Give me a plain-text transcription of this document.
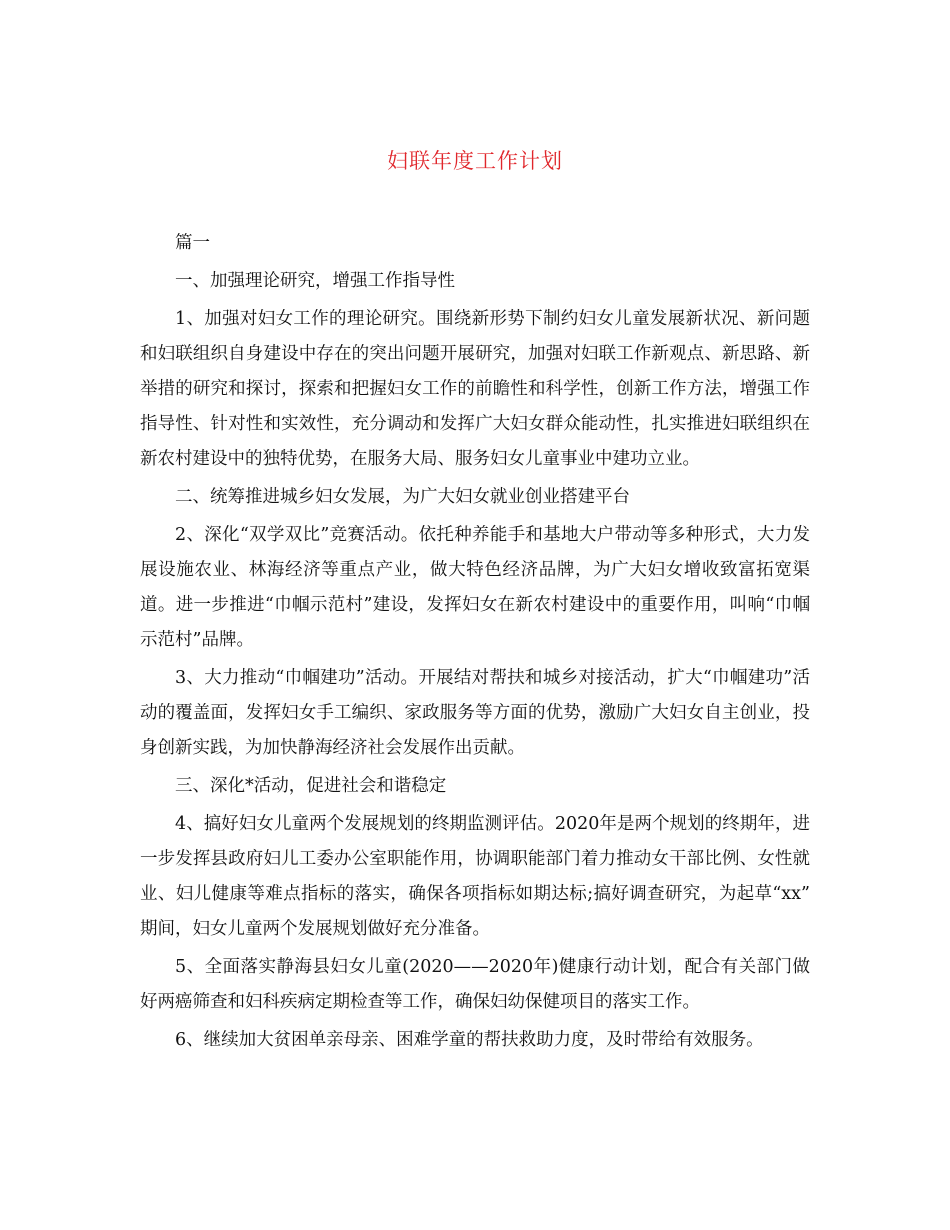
妇联年度工作计划

篇一

一、加强理论研究，增强工作指导性

1、加强对妇女工作的理论研究。围绕新形势下制约妇女儿童发展新状况、新问题和妇联组织自身建设中存在的突出问题开展研究，加强对妇联工作新观点、新思路、新举措的研究和探讨，探索和把握妇女工作的前瞻性和科学性，创新工作方法，增强工作指导性、针对性和实效性，充分调动和发挥广大妇女群众能动性，扎实推进妇联组织在新农村建设中的独特优势，在服务大局、服务妇女儿童事业中建功立业。

二、统筹推进城乡妇女发展，为广大妇女就业创业搭建平台

2、深化“双学双比”竞赛活动。依托种养能手和基地大户带动等多种形式，大力发展设施农业、林海经济等重点产业，做大特色经济品牌，为广大妇女增收致富拓宽渠道。进一步推进“巾帼示范村”建设，发挥妇女在新农村建设中的重要作用，叫响“巾帼示范村”品牌。

3、大力推动“巾帼建功”活动。开展结对帮扶和城乡对接活动，扩大“巾帼建功”活动的覆盖面，发挥妇女手工编织、家政服务等方面的优势，激励广大妇女自主创业，投身创新实践，为加快静海经济社会发展作出贡献。

三、深化*活动，促进社会和谐稳定

4、搞好妇女儿童两个发展规划的终期监测评估。2020年是两个规划的终期年，进一步发挥县政府妇儿工委办公室职能作用，协调职能部门着力推动女干部比例、女性就业、妇儿健康等难点指标的落实，确保各项指标如期达标;搞好调查研究，为起草“xx” 期间，妇女儿童两个发展规划做好充分准备。

5、全面落实静海县妇女儿童(2020——2020年)健康行动计划，配合有关部门做好两癌筛查和妇科疾病定期检查等工作，确保妇幼保健项目的落实工作。

6、继续加大贫困单亲母亲、困难学童的帮扶救助力度，及时带给有效服务。
